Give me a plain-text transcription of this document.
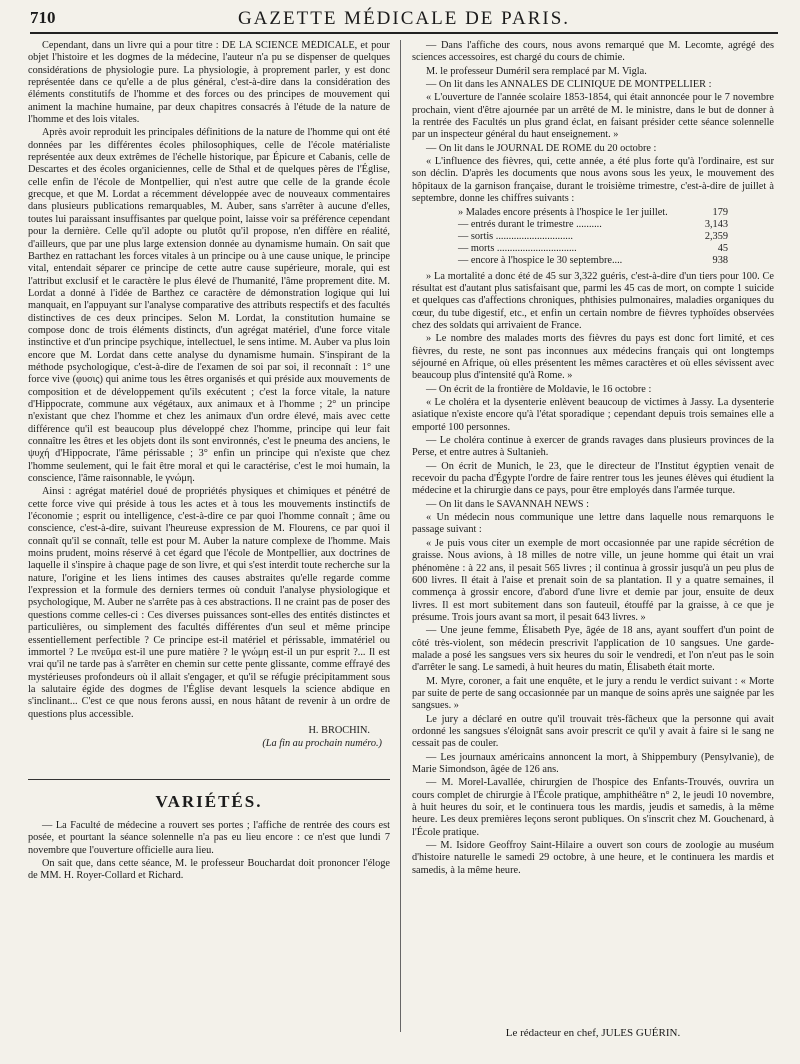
710	GAZETTE MÉDICALE DE PARIS.

Cependant, dans un livre qui a pour titre : DE LA SCIENCE MÉDICALE, et pour objet l'histoire et les dogmes de la médecine, l'auteur n'a pu se dispenser de quelques considérations de physiologie pure. La physiologie, à proprement parler, y est donc représentée dans ce qu'elle a de plus général, c'est-à-dire dans la considération des éléments constitutifs de l'homme et des forces ou des principes de mouvement qui animent la machine humaine, par deux chapitres consacrés à l'étude de la nature de l'homme et des lois vitales.

Après avoir reproduit les principales définitions de la nature de l'homme qui ont été données par les différentes écoles philosophiques, celle de l'école matérialiste représentée aux deux extrêmes de l'échelle historique, par Épicure et Cabanis, celle de Descartes et des écoles organiciennes, celle de Sthal et de quelques pères de l'Église, celle enfin de l'école de Montpellier, qui n'est autre que celle de la grande école grecque, et que M. Lordat a récemment développée avec de nouveaux commentaires dans plusieurs publications remarquables, M. Auber, sans s'arrêter à aucune d'elles, toutes lui paraissant insuffisantes par quelque point, laisse voir sa préférence cependant pour la dernière. Celle qu'il adopte ou plutôt qu'il propose, n'en diffère en réalité, d'ailleurs, que par une plus large extension donnée au dynamisme humain. On sait que Barthez en rattachant les forces vitales à un principe ou à une cause unique, le principe vital, entendait séparer ce principe de cette autre cause supérieure, morale, qui est l'attribut exclusif et le caractère le plus élevé de l'humanité, l'âme proprement dite. M. Lordat a donné à l'idée de Barthez ce caractère de démonstration logique qui lui manquait, en l'appuyant sur l'analyse comparative des attributs respectifs et des facultés distinctives de ces deux principes. Selon M. Lordat, la constitution humaine se compose donc de trois éléments distincts, d'un agrégat matériel, d'une force vitale instinctive et d'un principe psychique, intellectuel, le sens intime. M. Auber va plus loin encore que M. Lordat dans cette analyse du dynamisme humain. S'inspirant de la méthode psychologique, c'est-à-dire de l'examen de soi par soi, il reconnaît : 1° une force vive (φυσις) qui anime tous les êtres organisés et qui préside aux mouvements de composition et de développement qu'ils exécutent ; c'est la force vitale, la nature d'Hippocrate, commune aux végétaux, aux animaux et à l'homme ; 2° un principe n'existant que chez l'homme et chez les animaux d'un ordre élevé, mais avec cette différence qu'il est beaucoup plus développé chez l'homme, principe qui leur fait connaître les êtres et les objets dont ils sont environnés, c'est le pneuma des anciens, le ψυχή d'Hippocrate, l'âme périssable ; 3° enfin un principe qui n'existe que chez l'homme seulement, qui le fait être moral et qui le caractérise, c'est le moi humain, la conscience, l'âme raisonnable, le γνώμη.

Ainsi : agrégat matériel doué de propriétés physiques et chimiques et pénétré de cette force vive qui préside à tous les actes et à tous les mouvements instinctifs de l'économie ; esprit ou intelligence, c'est-à-dire ce par quoi l'homme connaît ; âme ou conscience, c'est-à-dire, suivant l'heureuse expression de M. Flourens, ce par quoi il connaît qu'il se connaît, telle est pour M. Auber la nature complexe de l'homme. Mais moins prudent, moins réservé à cet égard que l'école de Montpellier, aux doctrines de laquelle il s'inspire à chaque page de son livre, et qui s'est interdit toute recherche sur la nature, l'origine et les liens intimes des causes abstraites qu'elle regarde comme l'expression et la formule des derniers termes où conduit l'analyse physiologique et psychologique, M. Auber ne s'arrête pas à ces abstractions. Il ne craint pas de poser des questions comme celles-ci : Ces diverses puissances sont-elles des entités distinctes et particulières, ou simplement des facultés différentes d'un seul et même principe essentiellement perfectible ? Ce principe est-il matériel et périssable, immatériel ou immortel ? Le πνεῦμα est-il une pure matière ? le γνώμη est-il un pur esprit ?... Il est vrai qu'il ne tarde pas à s'arrêter en chemin sur cette pente glissante, comme effrayé des mystérieuses profondeurs où il allait s'engager, et qu'il se réfugie précipitamment sous la salutaire égide des dogmes de l'Église devant lesquels la science abdique en s'inclinant... C'est ce que nous ferons aussi, en nous hâtant de revenir à un ordre de questions plus accessible.

H. BROCHIN.

(La fin au prochain numéro.)

VARIÉTÉS.

— La Faculté de médecine a rouvert ses portes ; l'affiche de rentrée des cours est posée, et pourtant la séance solennelle n'a pas eu lieu encore : ce n'est que lundi 7 novembre que l'ouverture officielle aura lieu.

On sait que, dans cette séance, M. le professeur Bouchardat doit prononcer l'éloge de MM. H. Royer-Collard et Richard.

— Dans l'affiche des cours, nous avons remarqué que M. Lecomte, agrégé des sciences accessoires, est chargé du cours de chimie.

M. le professeur Duméril sera remplacé par M. Vigla.

— On lit dans les ANNALES DE CLINIQUE DE MONTPELLIER :

« L'ouverture de l'année scolaire 1853-1854, qui était annoncée pour le 7 novembre prochain, vient d'être ajournée par un arrêté de M. le ministre, dans le but de donner à la rentrée des Facultés un plus grand éclat, en faisant présider cette séance solennelle par un inspecteur général du haut enseignement. »

— On lit dans le JOURNAL DE ROME du 20 octobre :

« L'influence des fièvres, qui, cette année, a été plus forte qu'à l'ordinaire, est sur son déclin. D'après les documents que nous avons sous les yeux, le mouvement des hôpitaux de la garnison française, durant le troisième trimestre, c'est-à-dire de juillet à septembre, donne les chiffres suivants :

» Malades encore présents à l'hospice le 1er juillet.	179
— entrés durant le trimestre ..........	3,143
— sortis ..............................	2,359
— morts ...............................	45
— encore à l'hospice le 30 septembre....	938

» La mortalité a donc été de 45 sur 3,322 guéris, c'est-à-dire d'un tiers pour 100. Ce résultat est d'autant plus satisfaisant que, parmi les 45 cas de mort, on compte 1 suicide et quelques cas d'affections chroniques, phthisies pulmonaires, maladies organiques du cœur, du tube digestif, etc., et enfin un certain nombre de fièvres typhoïdes observées chez des soldats qui arrivaient de France.

» Le nombre des malades morts des fièvres du pays est donc fort limité, et ces fièvres, du reste, ne sont pas inconnues aux médecins français qui ont longtemps séjourné en Afrique, où elles présentent les mêmes caractères et où elles sévissent avec beaucoup plus d'intensité qu'à Rome. »

— On écrit de la frontière de Moldavie, le 16 octobre :

« Le choléra et la dysenterie enlèvent beaucoup de victimes à Jassy. La dysenterie asiatique n'existe encore qu'à l'état sporadique ; cependant depuis trois semaines elle a emporté 100 personnes.

— Le choléra continue à exercer de grands ravages dans plusieurs provinces de la Perse, et entre autres à Sultanieh.

— On écrit de Munich, le 23, que le directeur de l'Institut égyptien venait de recevoir du pacha d'Égypte l'ordre de faire rentrer tous les jeunes élèves qui étudient la médecine et la chirurgie dans ce pays, pour être employés dans l'armée turque.

— On lit dans le SAVANNAH NEWS :

« Un médecin nous communique une lettre dans laquelle nous remarquons le passage suivant :

« Je puis vous citer un exemple de mort occasionnée par une rapide sécrétion de graisse. Nous avions, à 18 milles de notre ville, un jeune homme qui était un vrai phénomène : à 22 ans, il pesait 565 livres ; il continua à grossir jusqu'à un peu plus de 600 livres. Il était à l'aise et prenait soin de sa plantation. Il y a quatre semaines, il commença à grossir encore, d'abord d'une livre et demie par jour, ensuite de deux livres. Il est mort subitement dans son fauteuil, étouffé par la graisse, à ce que je présume. Trois jours avant sa mort, il pesait 643 livres. »

— Une jeune femme, Élisabeth Pye, âgée de 18 ans, ayant souffert d'un point de côté très-violent, son médecin prescrivit l'application de 10 sangsues. Une garde-malade a posé les sangsues vers six heures du soir le vendredi, et l'on n'eut pas le soin d'arrêter le sang. Le samedi, à huit heures du matin, Élisabeth était morte.

M. Myre, coroner, a fait une enquête, et le jury a rendu le verdict suivant : « Morte par suite de perte de sang occasionnée par un manque de soins après une saignée par les sangsues. »

Le jury a déclaré en outre qu'il trouvait très-fâcheux que la personne qui avait ordonné les sangsues s'éloignât sans avoir prescrit ce qu'il y avait à faire si le sang ne cessait pas de couler.

— Les journaux américains annoncent la mort, à Shippembury (Pensylvanie), de Marie Simondson, âgée de 126 ans.

— M. Morel-Lavallée, chirurgien de l'hospice des Enfants-Trouvés, ouvrira un cours complet de chirurgie à l'École pratique, amphithéâtre n° 2, le jeudi 10 novembre, à huit heures du soir, et le continuera tous les mardis, jeudis et samedis, à la même heure. Les deux premières leçons seront publiques. On s'inscrit chez M. Gouchenard, à l'École pratique.

— M. Isidore Geoffroy Saint-Hilaire a ouvert son cours de zoologie au muséum d'histoire naturelle le samedi 29 octobre, à une heure, et le continuera les mardis et samedis, à la même heure.

Le rédacteur en chef, JULES GUÉRIN.
